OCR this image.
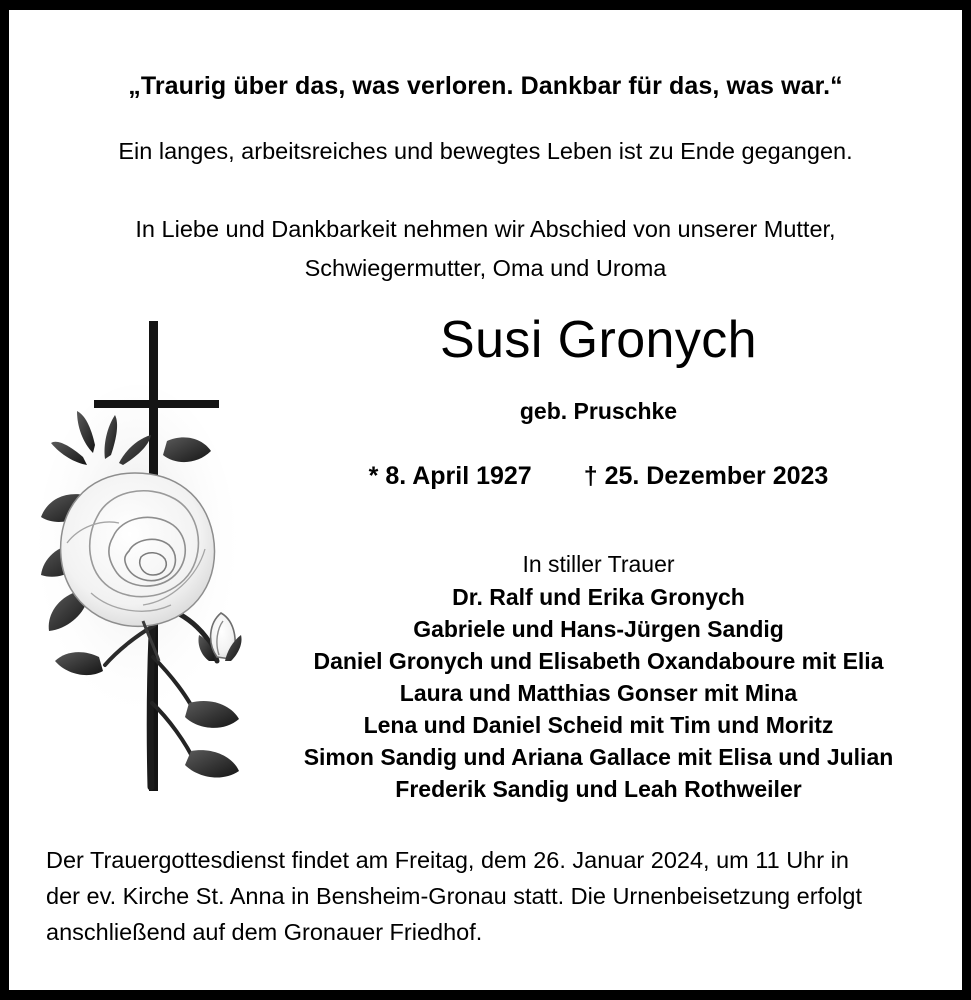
„Traurig über das, was verloren. Dankbar für das, was war.“
Ein langes, arbeitsreiches und bewegtes Leben ist zu Ende gegangen.
In Liebe und Dankbarkeit nehmen wir Abschied von unserer Mutter,
Schwiegermutter, Oma und Uroma
Susi Gronych
geb. Pruschke
* 8. April 1927 † 25. Dezember 2023
In stiller Trauer
Dr. Ralf und Erika Gronych
Gabriele und Hans-Jürgen Sandig
Daniel Gronych und Elisabeth Oxandaboure mit Elia
Laura und Matthias Gonser mit Mina
Lena und Daniel Scheid mit Tim und Moritz
Simon Sandig und Ariana Gallace mit Elisa und Julian
Frederik Sandig und Leah Rothweiler
Der Trauergottesdienst findet am Freitag, dem 26. Januar 2024, um 11 Uhr in
der ev. Kirche St. Anna in Bensheim-Gronau statt. Die Urnenbeisetzung erfolgt
anschließend auf dem Gronauer Friedhof.
